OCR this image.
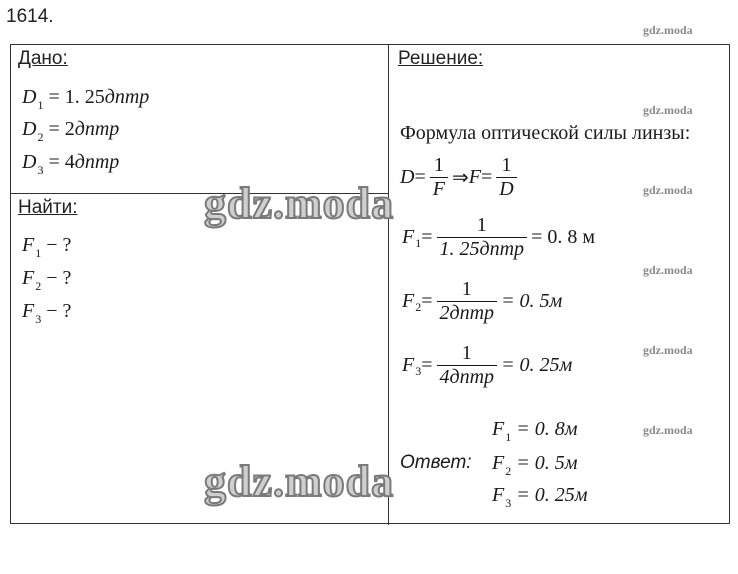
1614.
gdz.moda
gdz.moda
gdz.moda
gdz.moda
gdz.moda
gdz.moda
Дано:
$D_1 = 1$. 25дптр
$D_2$ = 2дптр
$D_3$ = 4дптр
Найти:
$F_1$ − ?
$F_2$ − ?
$F_3$ − ?
Решение:
Формула оптической силы линзы:
$D = \frac{1}{F}$ ⇒ $F = \frac{1}{D}$
F $1 = \frac{1}{\text{1. 25дптр}} = 0$. 8 м
F $2 = \frac{1}{\text{2дптр}} = 0$. 5м
F $3 = \frac{1}{\text{4дптр}} = 0$. 25м
$F_1 = 0$. 8м
Ответ: $F_2 = 0$. 5м
$F_3 = 0$. 25м
gdz.moda
gdz.moda
